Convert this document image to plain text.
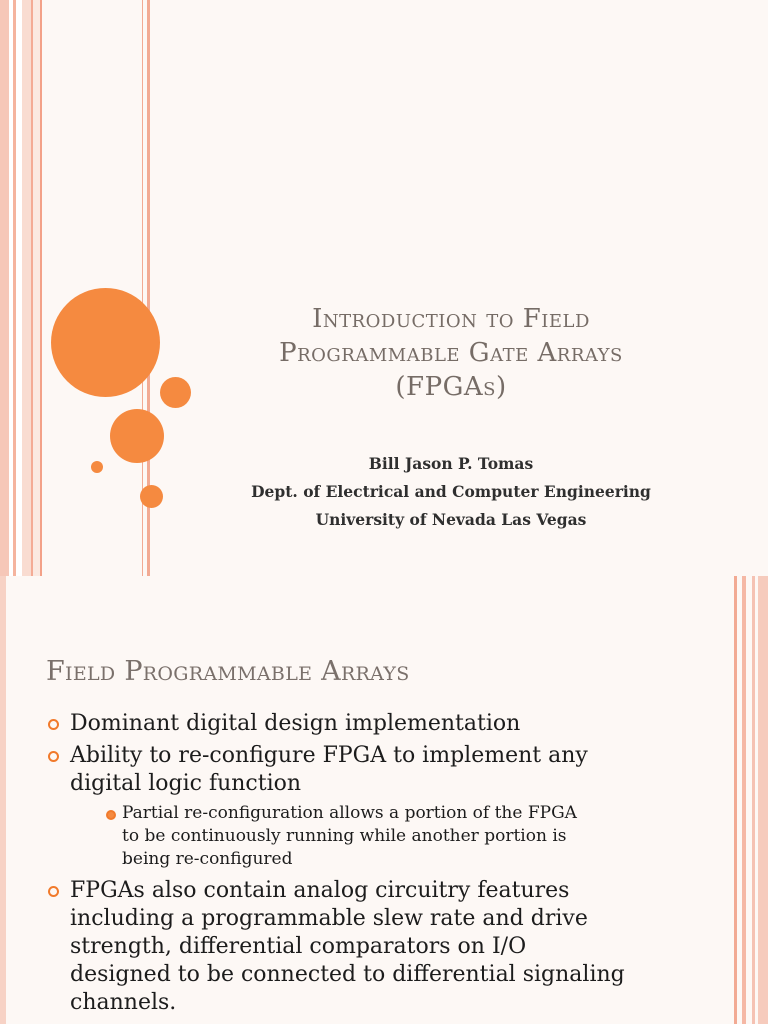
Introduction to Field
Programmable Gate Arrays
(FPGAs)
Bill Jason P. Tomas
Dept. of Electrical and Computer Engineering
University of Nevada Las Vegas
Field Programmable Arrays
Dominant digital design implementation
Ability to re-configure FPGA to implement any
digital logic function
Partial re-configuration allows a portion of the FPGA
to be continuously running while another portion is
being re-configured
FPGAs also contain analog circuitry features
including a programmable slew rate and drive
strength, differential comparators on I/O
designed to be connected to differential signaling
channels.
